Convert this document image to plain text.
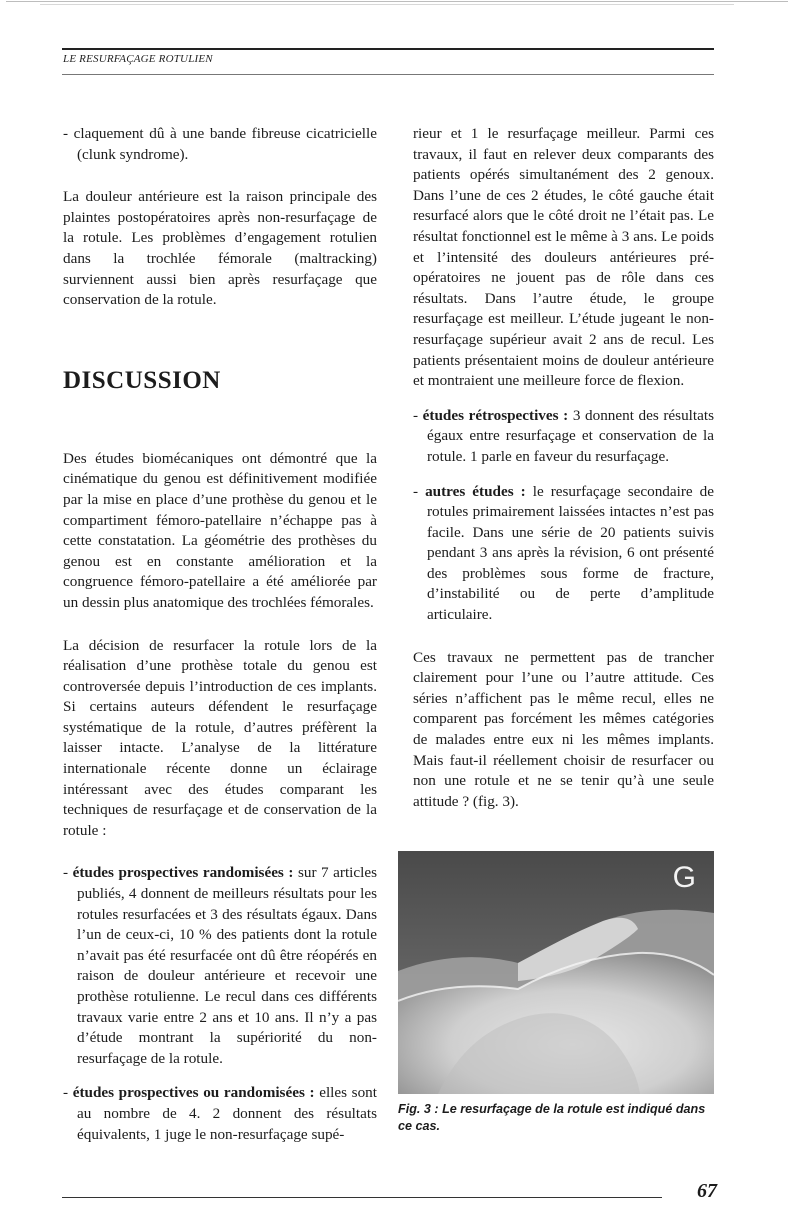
LE RESURFAÇAGE ROTULIEN

- claquement dû à une bande fibreuse cicatricielle (clunk syndrome).

La douleur antérieure est la raison principale des plaintes postopératoires après non-resurfaçage de la rotule. Les problèmes d’engagement rotulien dans la trochlée fémorale (maltracking) surviennent aussi bien après resurfaçage que conservation de la rotule.

DISCUSSION

Des études biomécaniques ont démontré que la cinématique du genou est définitivement modifiée par la mise en place d’une prothèse du genou et le compartiment fémoro-patellaire n’échappe pas à cette constatation. La géométrie des prothèses du genou est en constante amélioration et la congruence fémoro-patellaire a été améliorée par un dessin plus anatomique des trochlées fémorales.

La décision de resurfacer la rotule lors de la réalisation d’une prothèse totale du genou est controversée depuis l’introduction de ces implants. Si certains auteurs défendent le resurfaçage systématique de la rotule, d’autres préfèrent la laisser intacte. L’analyse de la littérature internationale récente donne un éclairage intéressant avec des études comparant les techniques de resurfaçage et de conservation de la rotule :

- études prospectives randomisées : sur 7 articles publiés, 4 donnent de meilleurs résultats pour les rotules resurfacées et 3 des résultats égaux. Dans l’un de ceux-ci, 10 % des patients dont la rotule n’avait pas été resurfacée ont dû être réopérés en raison de douleur antérieure et recevoir une prothèse rotulienne. Le recul dans ces différents travaux varie entre 2 ans et 10 ans. Il n’y a pas d’étude montrant la supériorité du non-resurfaçage de la rotule.

- études prospectives ou randomisées : elles sont au nombre de 4. 2 donnent des résultats équivalents, 1 juge le non-resurfaçage supé-

rieur et 1 le resurfaçage meilleur. Parmi ces travaux, il faut en relever deux comparants des patients opérés simultanément des 2 genoux. Dans l’une de ces 2 études, le côté gauche était resurfacé alors que le côté droit ne l’était pas. Le résultat fonctionnel est le même à 3 ans. Le poids et l’intensité des douleurs antérieures pré-opératoires ne jouent pas de rôle dans ces résultats. Dans l’autre étude, le groupe resurfaçage est meilleur. L’étude jugeant le non-resurfaçage supérieur avait 2 ans de recul. Les patients présentaient moins de douleur antérieure et montraient une meilleure force de flexion.

- études rétrospectives : 3 donnent des résultats égaux entre resurfaçage et conservation de la rotule. 1 parle en faveur du resurfaçage.

- autres études : le resurfaçage secondaire de rotules primairement laissées intactes n’est pas facile. Dans une série de 20 patients suivis pendant 3 ans après la révision, 6 ont présenté des problèmes sous forme de fracture, d’instabilité ou de perte d’amplitude articulaire.

Ces travaux ne permettent pas de trancher clairement pour l’une ou l’autre attitude. Ces séries n’affichent pas le même recul, elles ne comparent pas forcément les mêmes catégories de malades entre eux ni les mêmes implants. Mais faut-il réellement choisir de resurfacer ou non une rotule et ne se tenir qu’à une seule attitude ? (fig. 3).

G
Fig. 3 : Le resurfaçage de la rotule est indiqué dans ce cas.
67
